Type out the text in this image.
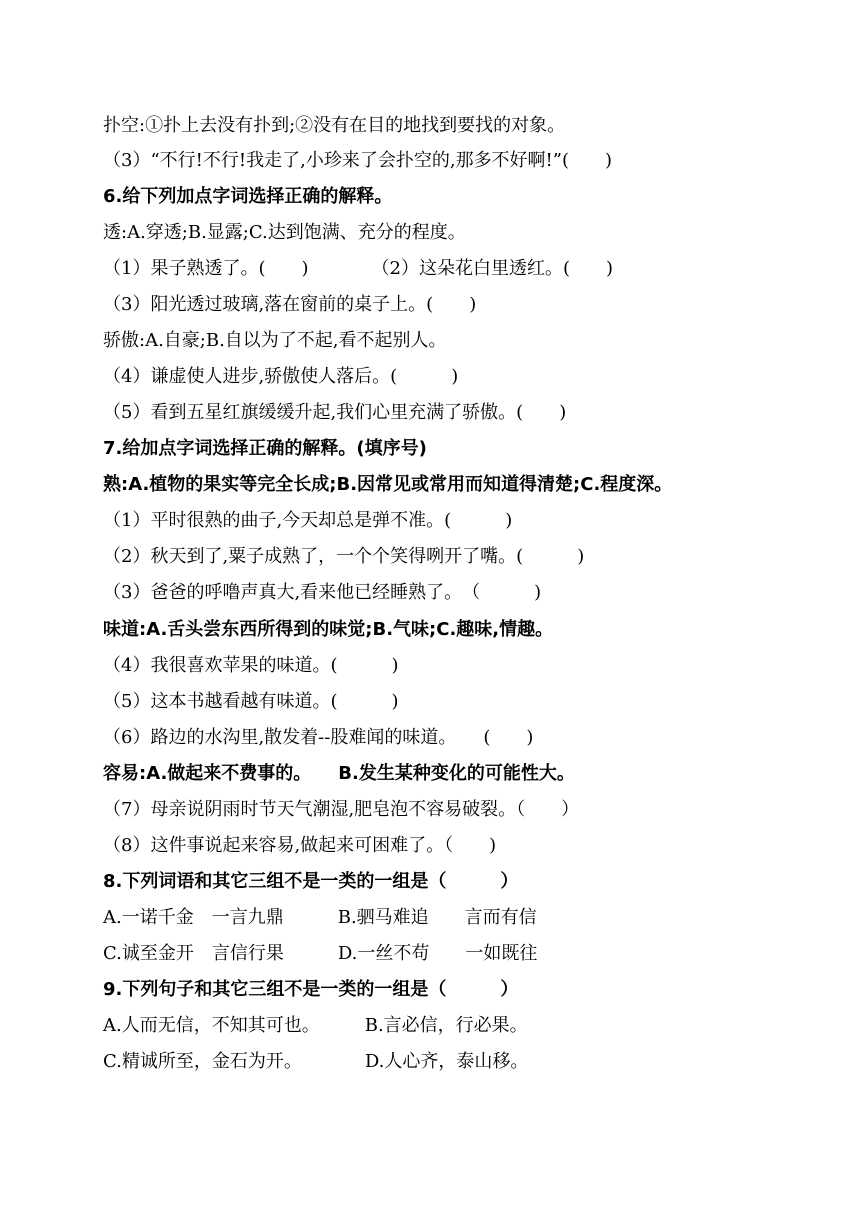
扑空:①扑上去没有扑到;②没有在目的地找到要找的对象。
（3）“不行!不行!我走了,小珍来了会扑空的,那多不好啊!”(　　)
6.给下列加点字词选择正确的解释。
透:A.穿透;B.显露;C.达到饱满、充分的程度。
（1）果子熟透了。(　　)　　　　（2）这朵花白里透红。(　　)
（3）阳光透过玻璃,落在窗前的桌子上。(　　)
骄傲:A.自豪;B.自以为了不起,看不起别人。
（4）谦虚使人进步,骄傲使人落后。(　　　)
（5）看到五星红旗缓缓升起,我们心里充满了骄傲。(　　)
7.给加点字词选择正确的解释。(填序号)
熟:A.植物的果实等完全长成;B.因常见或常用而知道得清楚;C.程度深。
（1）平时很熟的曲子,今天却总是弹不准。(　　　)
（2）秋天到了,粟子成熟了，一个个笑得咧开了嘴。(　　　)
（3）爸爸的呼噜声真大,看来他已经睡熟了。　（　　　)
味道:A.舌头尝东西所得到的味觉;B.气味;C.趣味,情趣。
（4）我很喜欢苹果的味道。(　　　)
（5）这本书越看越有味道。(　　　)
（6）路边的水沟里,散发着--股难闻的味道。　　(　　)
容易:A.做起来不费事的。　　B.发生某种变化的可能性大。
（7）母亲说阴雨时节天气潮湿,肥皂泡不容易破裂。（　　）
（8）这件事说起来容易,做起来可困难了。（　　)
8.下列词语和其它三组不是一类的一组是（　　　）
A.一诺千金　一言九鼎　　　B.驷马难追　　言而有信
C.诚至金开　言信行果　　　D.一丝不苟　　一如既往
9.下列句子和其它三组不是一类的一组是（　　　）
A.人而无信，不知其可也。　　　B.言必信，行必果。
C.精诚所至，金石为开。　　　　D.人心齐，泰山移。
